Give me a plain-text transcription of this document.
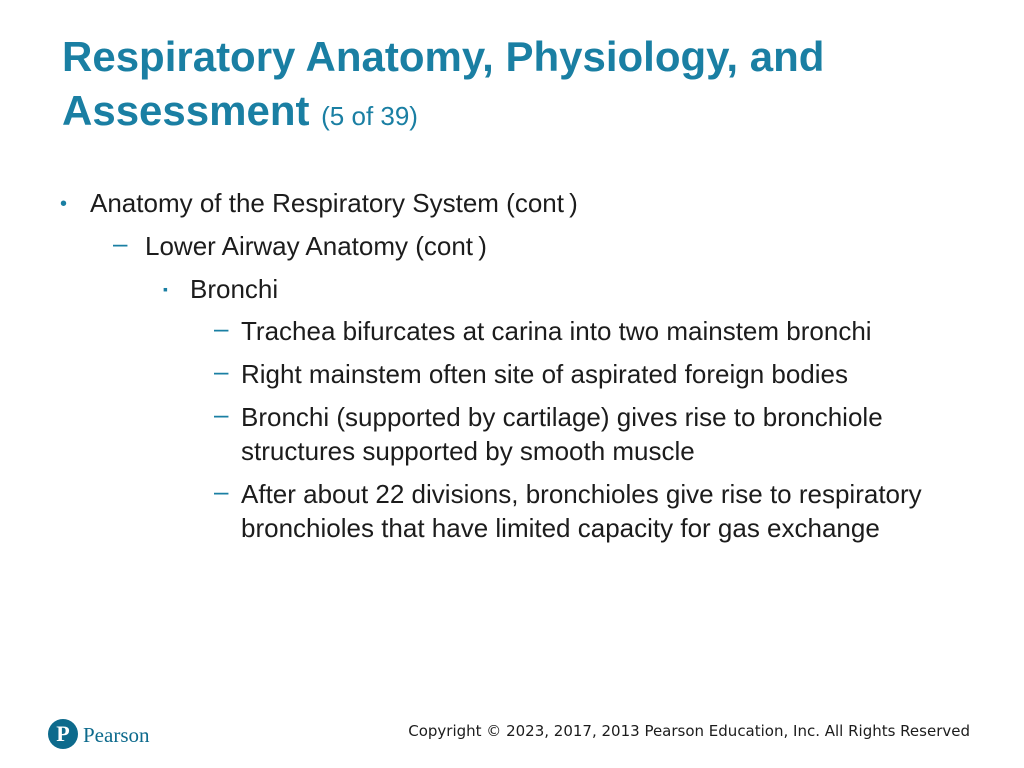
Respiratory Anatomy, Physiology, and Assessment (5 of 39)
• Anatomy of the Respiratory System (cont )
– Lower Airway Anatomy (cont )
▪ Bronchi
– Trachea bifurcates at carina into two mainstem bronchi
– Right mainstem often site of aspirated foreign bodies
– Bronchi (supported by cartilage) gives rise to bronchiole structures supported by smooth muscle
– After about 22 divisions, bronchioles give rise to respiratory bronchioles that have limited capacity for gas exchange
P Pearson	Copyright © 2023, 2017, 2013 Pearson Education, Inc. All Rights Reserved
